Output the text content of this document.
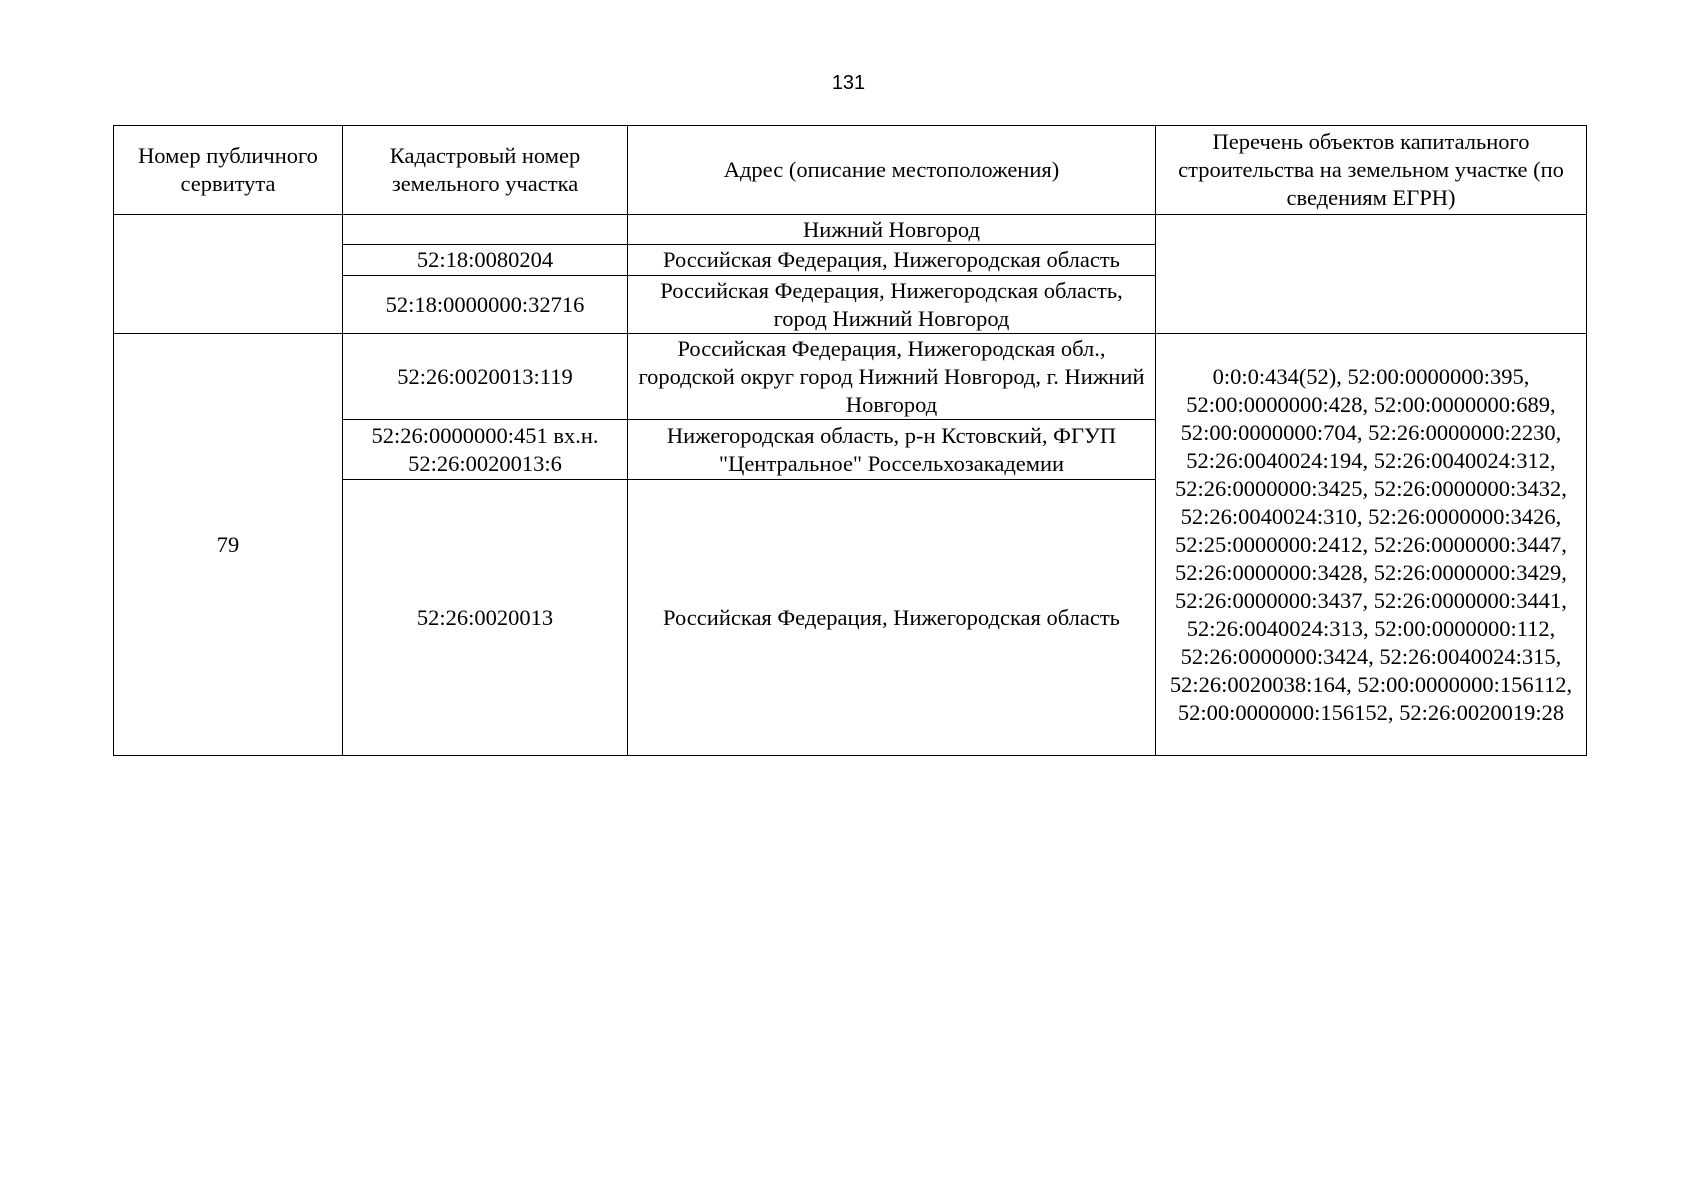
131
Номер публичного сервитута	Кадастровый номер земельного участка	Адрес (описание местоположения)	Перечень объектов капитального строительства на земельном участке (по сведениям ЕГРН)
		Нижний Новгород	
	52:18:0080204	Российская Федерация, Нижегородская область	
	52:18:0000000:32716	Российская Федерация, Нижегородская область, город Нижний Новгород	
79	52:26:0020013:119	Российская Федерация, Нижегородская обл., городской округ город Нижний Новгород, г. Нижний Новгород	0:0:0:434(52), 52:00:0000000:395, 52:00:0000000:428, 52:00:0000000:689, 52:00:0000000:704, 52:26:0000000:2230, 52:26:0040024:194, 52:26:0040024:312, 52:26:0000000:3425, 52:26:0000000:3432, 52:26:0040024:310, 52:26:0000000:3426, 52:25:0000000:2412, 52:26:0000000:3447, 52:26:0000000:3428, 52:26:0000000:3429, 52:26:0000000:3437, 52:26:0000000:3441, 52:26:0040024:313, 52:00:0000000:112, 52:26:0000000:3424, 52:26:0040024:315, 52:26:0020038:164, 52:00:0000000:156112, 52:00:0000000:156152, 52:26:0020019:28
	52:26:0000000:451 вх.н. 52:26:0020013:6	Нижегородская область, р-н Кстовский, ФГУП "Центральное" Россельхозакадемии	
	52:26:0020013	Российская Федерация, Нижегородская область	
